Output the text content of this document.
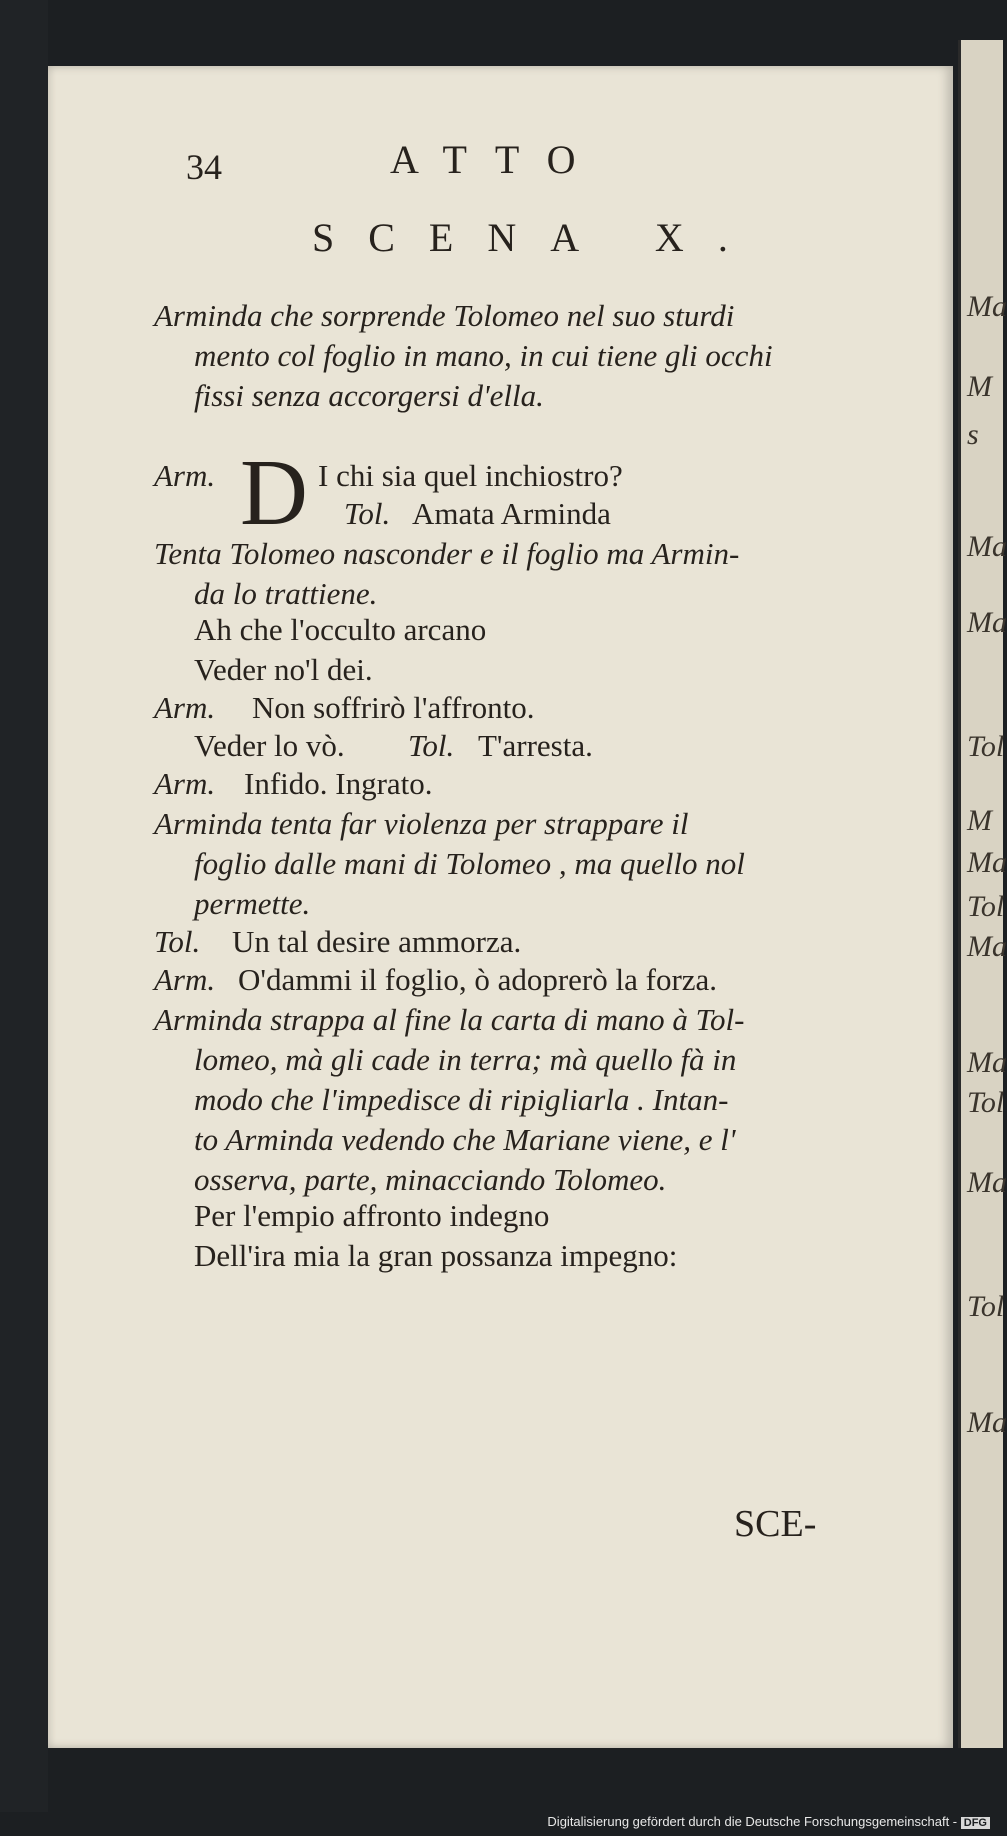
Ma
M
s
Ma
Ma
Tol
M
Ma
Tol
Ma
Ma
Tol
Ma
Tol
Ma
34	ATTO
SCENA X.
Arminda che sorprende Tolomeo nel suo sturdi
mento col foglio in mano, in cui tiene gli occhi
fissi senza accorgersi d'ella.
Arm. D I chi sia quel inchiostro?
Tol. Amata Arminda
Tenta Tolomeo nasconder e il foglio ma Armin-
da lo trattiene.
Ah che l'occulto arcano
Veder no'l dei.
Arm. Non soffrirò l'affronto.
Veder lo vò. Tol. T'arresta.
Arm. Infido. Ingrato.
Arminda tenta far violenza per strappare il
foglio dalle mani di Tolomeo , ma quello nol
permette.
Tol. Un tal desire ammorza.
Arm. O'dammi il foglio, ò adoprerò la forza.
Arminda strappa al fine la carta di mano à Tol-
lomeo, mà gli cade in terra; mà quello fà in
modo che l'impedisce di ripigliarla . Intan-
to Arminda vedendo che Mariane viene, e l'
osserva, parte, minacciando Tolomeo.
Per l'empio affronto indegno
Dell'ira mia la gran possanza impegno:
SCE-
Digitalisierung gefördert durch die Deutsche Forschungsgemeinschaft - DFG
